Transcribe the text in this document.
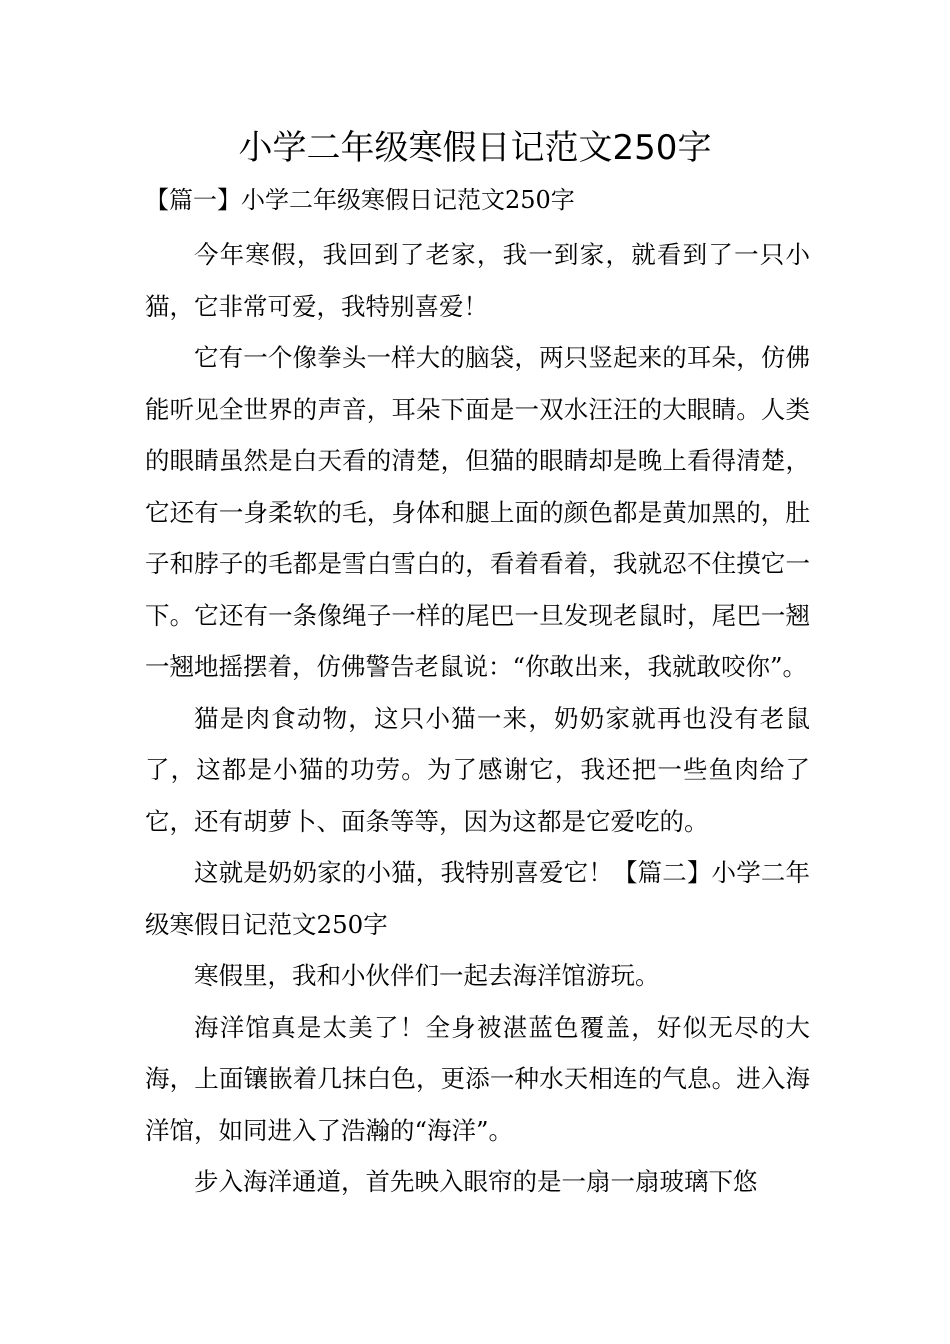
小学二年级寒假日记范文250字
【篇一】小学二年级寒假日记范文250字

今年寒假，我回到了老家，我一到家，就看到了一只小猫，它非常可爱，我特别喜爱！

它有一个像拳头一样大的脑袋，两只竖起来的耳朵，仿佛能听见全世界的声音，耳朵下面是一双水汪汪的大眼睛。人类的眼睛虽然是白天看的清楚，但猫的眼睛却是晚上看得清楚，它还有一身柔软的毛，身体和腿上面的颜色都是黄加黑的，肚子和脖子的毛都是雪白雪白的，看着看着，我就忍不住摸它一下。它还有一条像绳子一样的尾巴一旦发现老鼠时，尾巴一翘一翘地摇摆着，仿佛警告老鼠说：“你敢出来，我就敢咬你”。

猫是肉食动物，这只小猫一来，奶奶家就再也没有老鼠了，这都是小猫的功劳。为了感谢它，我还把一些鱼肉给了它，还有胡萝卜、面条等等，因为这都是它爱吃的。

这就是奶奶家的小猫，我特别喜爱它！【篇二】小学二年级寒假日记范文250字

寒假里，我和小伙伴们一起去海洋馆游玩。

海洋馆真是太美了！全身被湛蓝色覆盖，好似无尽的大海，上面镶嵌着几抹白色，更添一种水天相连的气息。进入海洋馆，如同进入了浩瀚的“海洋”。

步入海洋通道，首先映入眼帘的是一扇一扇玻璃下悠
